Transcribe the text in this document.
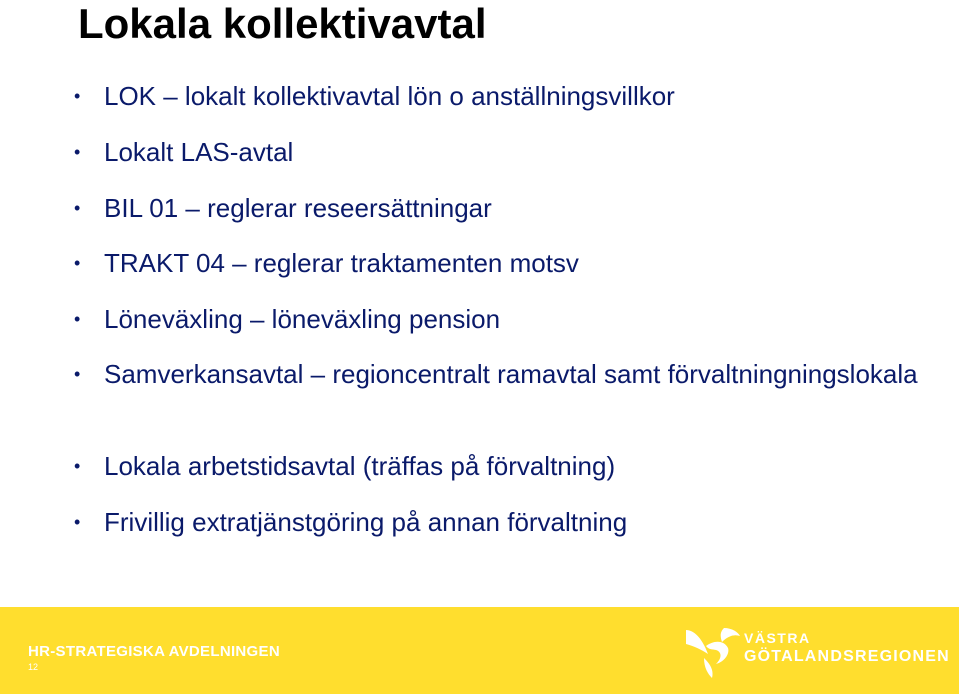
Lokala kollektivavtal
• LOK – lokalt kollektivavtal lön o anställningsvillkor
• Lokalt LAS-avtal
• BIL 01 – reglerar reseersättningar
• TRAKT 04 – reglerar traktamenten motsv
• Löneväxling – löneväxling pension
• Samverkansavtal – regioncentralt ramavtal samt förvaltningningslokala
• Lokala arbetstidsavtal (träffas på förvaltning)
• Frivillig extratjänstgöring på annan förvaltning
HR-STRATEGISKA AVDELNINGEN
12
VÄSTRA
GÖTALANDSREGIONEN
